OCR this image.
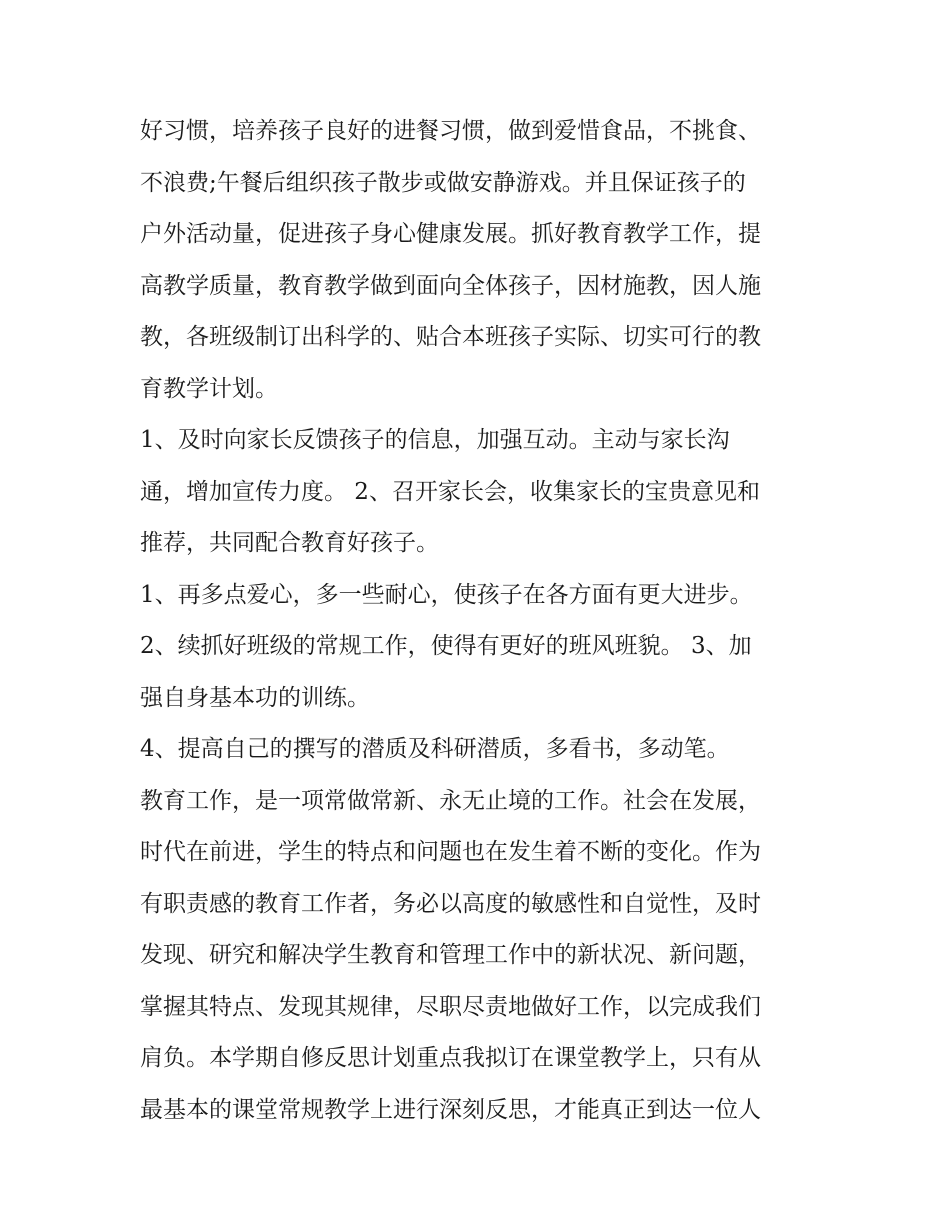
好习惯，培养孩子良好的进餐习惯，做到爱惜食品，不挑食、
不浪费;午餐后组织孩子散步或做安静游戏。并且保证孩子的
户外活动量，促进孩子身心健康发展。抓好教育教学工作，提
高教学质量，教育教学做到面向全体孩子，因材施教，因人施
教，各班级制订出科学的、贴合本班孩子实际、切实可行的教
育教学计划。
1、及时向家长反馈孩子的信息，加强互动。主动与家长沟
通，增加宣传力度。 2、召开家长会，收集家长的宝贵意见和
推荐，共同配合教育好孩子。
1、再多点爱心，多一些耐心，使孩子在各方面有更大进步。
2、续抓好班级的常规工作，使得有更好的班风班貌。 3、加
强自身基本功的训练。
4、提高自己的撰写的潜质及科研潜质，多看书，多动笔。
教育工作，是一项常做常新、永无止境的工作。社会在发展，
时代在前进，学生的特点和问题也在发生着不断的变化。作为
有职责感的教育工作者，务必以高度的敏感性和自觉性，及时
发现、研究和解决学生教育和管理工作中的新状况、新问题，
掌握其特点、发现其规律，尽职尽责地做好工作，以完成我们
肩负。本学期自修反思计划重点我拟订在课堂教学上，只有从
最基本的课堂常规教学上进行深刻反思，才能真正到达一位人
